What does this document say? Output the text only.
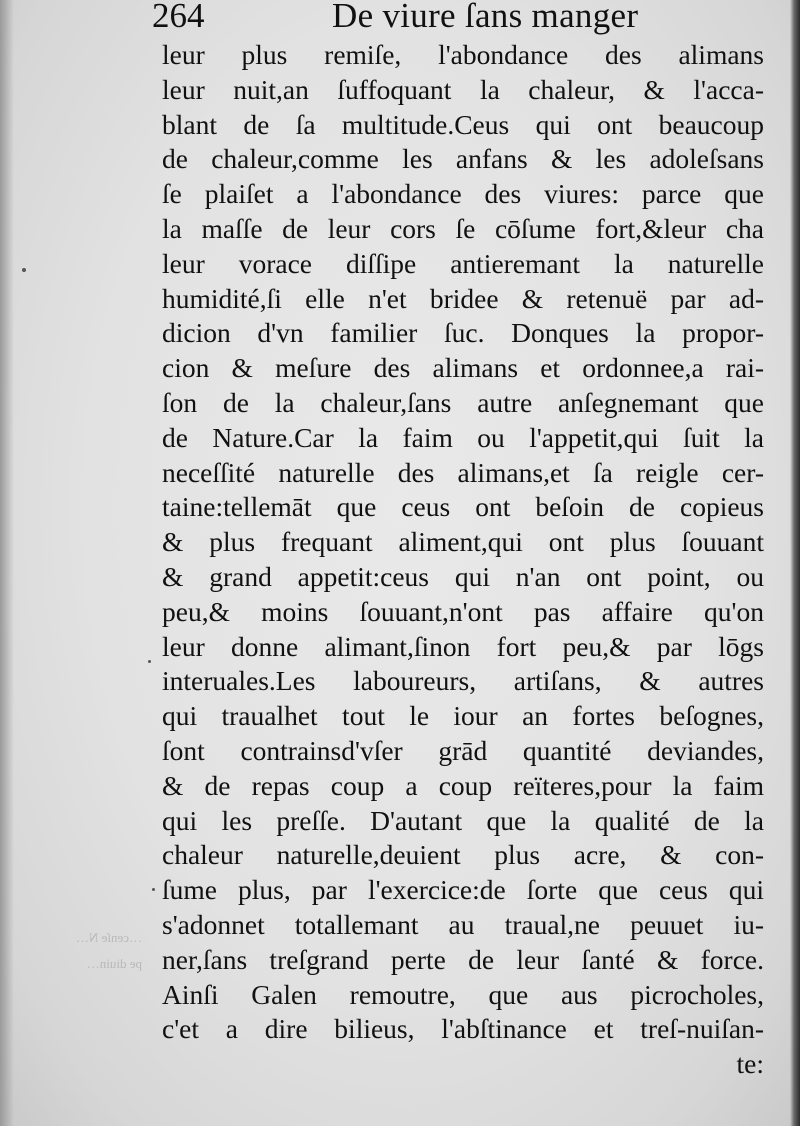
264	De viure ſans manger
…cenſe N…
pe diuin…
leur plus remiſe, l'abondance des alimans
leur nuit,an ſuffoquant la chaleur, & l'acca-
blant de ſa multitude.Ceus qui ont beaucoup
de chaleur,comme les anfans & les adoleſsans
ſe plaiſet a l'abondance des viures: parce que
la maſſe de leur cors ſe cōſume fort,&leur cha
leur vorace diſſipe antieremant la naturelle
humidité,ſi elle n'et bridee & retenuë par ad-
dicion d'vn familier ſuc. Donques la propor-
cion & meſure des alimans et ordonnee,a rai-
ſon de la chaleur,ſans autre anſegnemant que
de Nature.Car la faim ou l'appetit,qui ſuit la
neceſſité naturelle des alimans,et ſa reigle cer-
taine:tellemāt que ceus ont beſoin de copieus
& plus frequant aliment,qui ont plus ſouuant
& grand appetit:ceus qui n'an ont point, ou
peu,& moins ſouuant,n'ont pas affaire qu'on
leur donne alimant,ſinon fort peu,& par lōgs
interuales.Les laboureurs, artiſans, & autres
qui traualhet tout le iour an fortes beſognes,
ſont contrainsd'vſer grād quantité deviandes,
& de repas coup a coup reïteres,pour la faim
qui les preſſe. D'autant que la qualité de la
chaleur naturelle,deuient plus acre, & con-
ſume plus, par l'exercice:de ſorte que ceus qui
s'adonnet totallemant au traual,ne peuuet iu-
ner,ſans treſgrand perte de leur ſanté & force.
Ainſi Galen remoutre, que aus picrocholes,
c'et a dire bilieus, l'abſtinance et treſ-nuiſan-
te:
